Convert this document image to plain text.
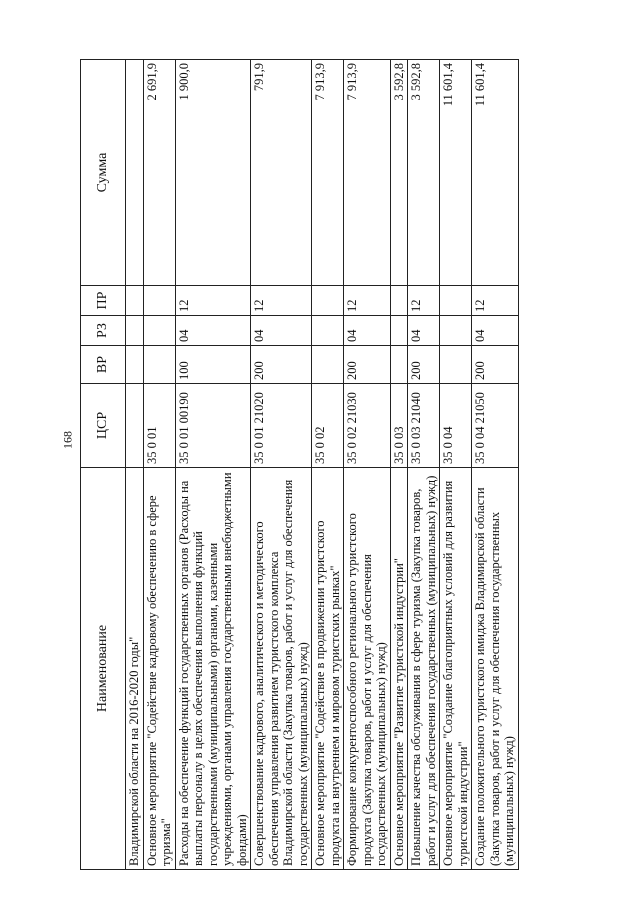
168
Наименование	ЦСР	ВР	РЗ	ПР	Сумма
Владимирской области на 2016-2020 годы"					
Основное мероприятие "Содействие кадровому обеспечению в сфере туризма"	35 0 01				2 691,9
Расходы на обеспечение функций государственных органов (Расходы на выплаты персоналу в целях обеспечения выполнения функций государственными (муниципальными) органами, казенными учреждениями, органами управления государственными внебюджетными фондами)	35 0 01 00190	100	04	12	1 900,0
Совершенствование кадрового, аналитического и методического обеспечения управления развитием туристского комплекса Владимирской области (Закупка товаров, работ и услуг для обеспечения государственных (муниципальных) нужд)	35 0 01 21020	200	04	12	791,9
Основное мероприятие "Содействие в продвижении туристского продукта на внутреннем и мировом туристских рынках"	35 0 02				7 913,9
Формирование конкурентоспособного регионального туристского продукта (Закупка товаров, работ и услуг для обеспечения государственных (муниципальных) нужд)	35 0 02 21030	200	04	12	7 913,9
Основное мероприятие "Развитие туристской индустрии"	35 0 03				3 592,8
Повышение качества обслуживания в сфере туризма (Закупка товаров, работ и услуг для обеспечения государственных (муниципальных) нужд)	35 0 03 21040	200	04	12	3 592,8
Основное мероприятие "Создание благоприятных условий для развития туристской индустрии"	35 0 04				11 601,4
Создание положительного туристского имиджа Владимирской области (Закупка товаров, работ и услуг для обеспечения государственных (муниципальных) нужд)	35 0 04 21050	200	04	12	11 601,4
